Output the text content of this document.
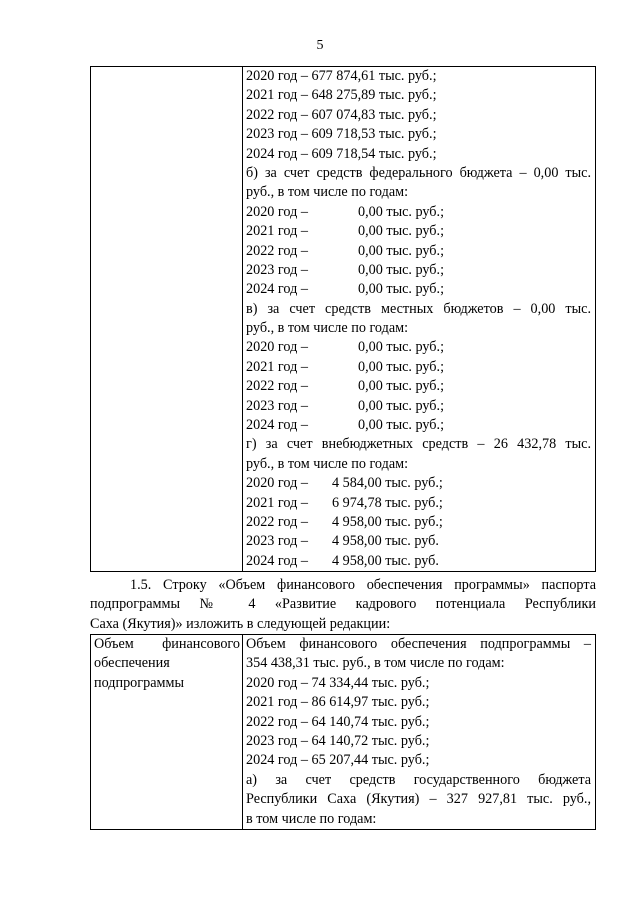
5

2020 год – 677 874,61 тыс. руб.;
2021 год – 648 275,89 тыс. руб.;
2022 год – 607 074,83 тыс. руб.;
2023 год – 609 718,53 тыс. руб.;
2024 год – 609 718,54 тыс. руб.;
б) за счет средств федерального бюджета – 0,00 тыс.
руб., в том числе по годам:
2020 год –	0,00 тыс. руб.;
2021 год –	0,00 тыс. руб.;
2022 год –	0,00 тыс. руб.;
2023 год –	0,00 тыс. руб.;
2024 год –	0,00 тыс. руб.;
в) за счет средств местных бюджетов – 0,00 тыс.
руб., в том числе по годам:
2020 год –	0,00 тыс. руб.;
2021 год –	0,00 тыс. руб.;
2022 год –	0,00 тыс. руб.;
2023 год –	0,00 тыс. руб.;
2024 год –	0,00 тыс. руб.;
г) за счет внебюджетных средств – 26 432,78 тыс.
руб., в том числе по годам:
2020 год – 4 584,00 тыс. руб.;
2021 год – 6 974,78 тыс. руб.;
2022 год – 4 958,00 тыс. руб.;
2023 год – 4 958,00 тыс. руб.
2024 год – 4 958,00 тыс. руб.
1.5. Строку «Объем финансового обеспечения программы» паспорта
подпрограммы № 4 «Развитие кадрового потенциала Республики
Саха (Якутия)» изложить в следующей редакции:
Объем финансового
обеспечения
подпрограммы

Объем финансового обеспечения подпрограммы –
354 438,31 тыс. руб., в том числе по годам:
2020 год – 74 334,44 тыс. руб.;
2021 год – 86 614,97 тыс. руб.;
2022 год – 64 140,74 тыс. руб.;
2023 год – 64 140,72 тыс. руб.;
2024 год – 65 207,44 тыс. руб.;
а) за счет средств государственного бюджета
Республики Саха (Якутия) – 327 927,81 тыс. руб.,
в том числе по годам:
